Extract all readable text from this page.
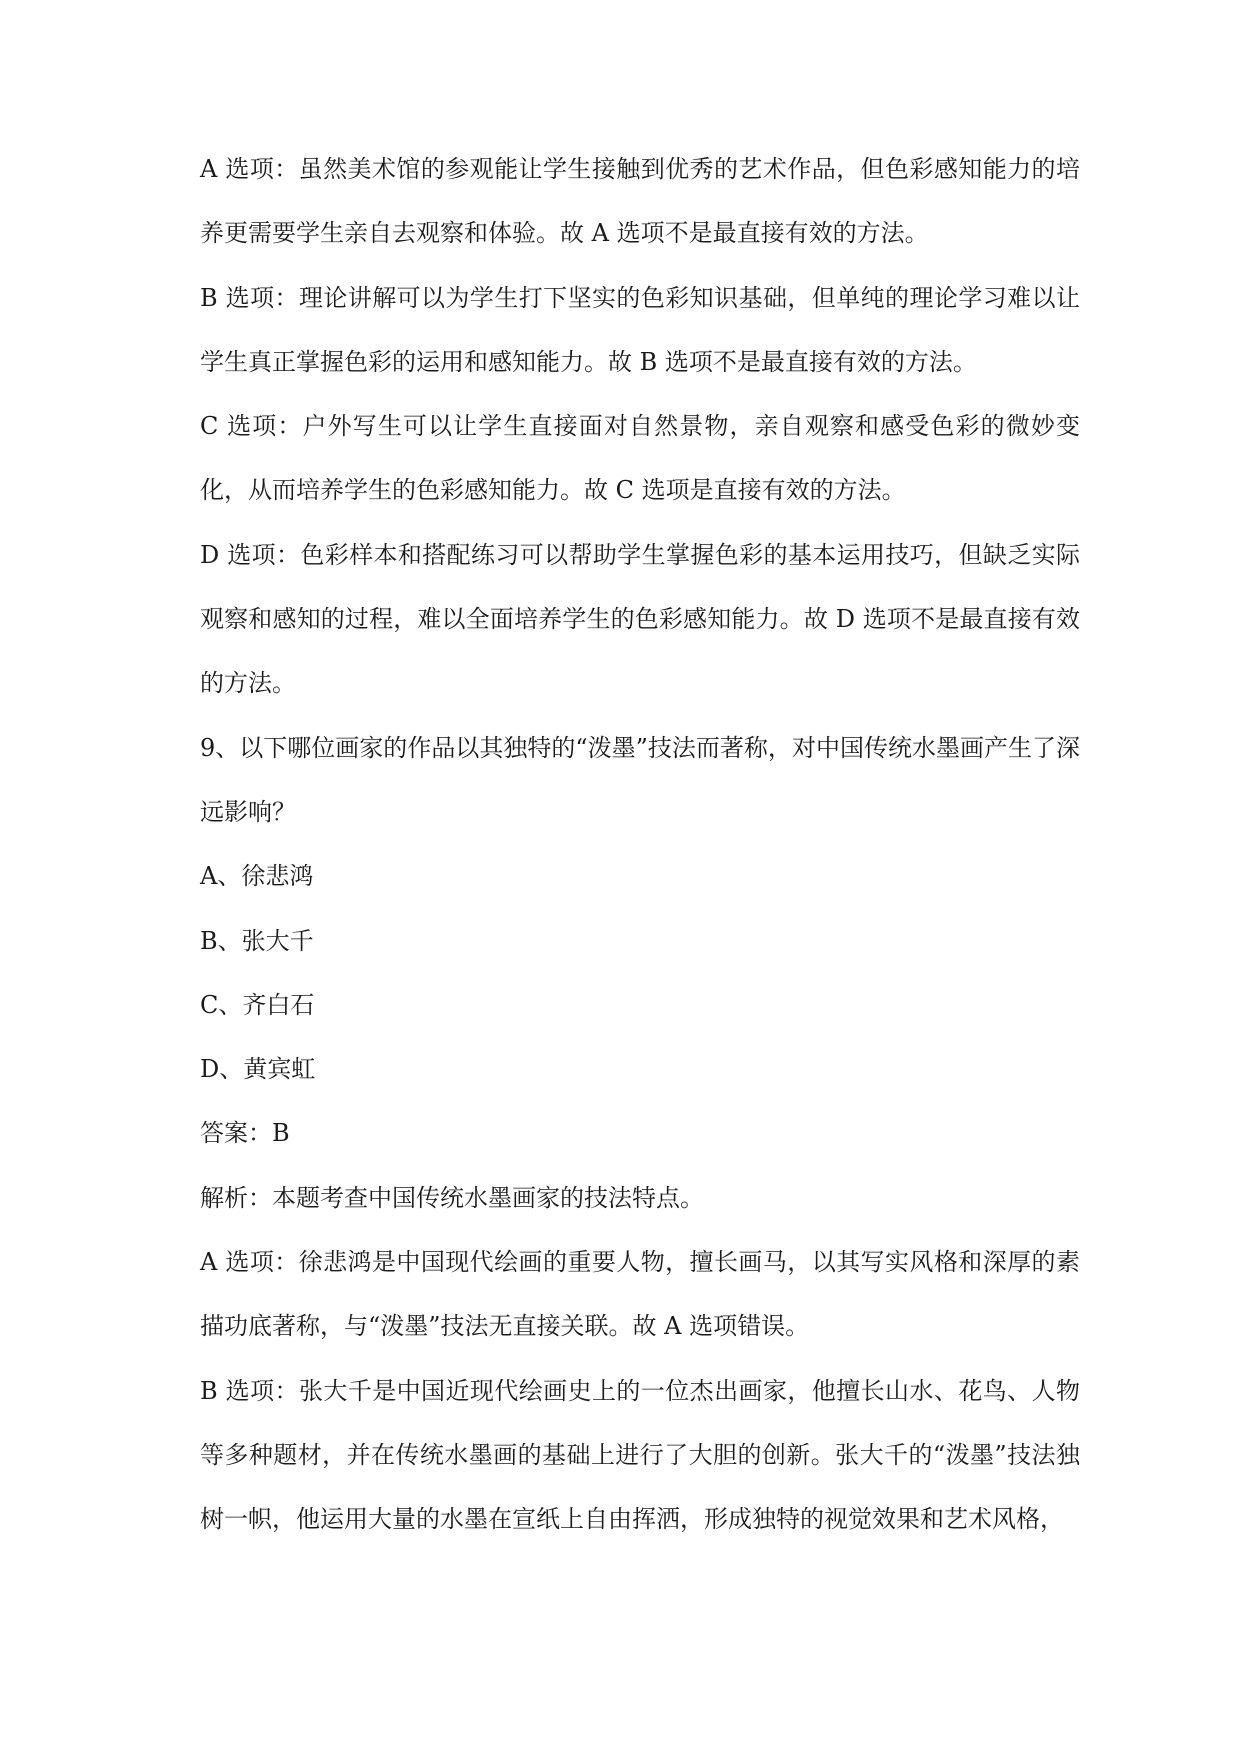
A 选项：虽然美术馆的参观能让学生接触到优秀的艺术作品，但色彩感知能力的培养更需要学生亲自去观察和体验。故 A 选项不是最直接有效的方法。

B 选项：理论讲解可以为学生打下坚实的色彩知识基础，但单纯的理论学习难以让学生真正掌握色彩的运用和感知能力。故 B 选项不是最直接有效的方法。

C 选项：户外写生可以让学生直接面对自然景物，亲自观察和感受色彩的微妙变化，从而培养学生的色彩感知能力。故 C 选项是直接有效的方法。

D 选项：色彩样本和搭配练习可以帮助学生掌握色彩的基本运用技巧，但缺乏实际观察和感知的过程，难以全面培养学生的色彩感知能力。故 D 选项不是最直接有效的方法。

9、以下哪位画家的作品以其独特的“泼墨”技法而著称，对中国传统水墨画产生了深远影响？

A、徐悲鸿

B、张大千

C、齐白石

D、黄宾虹

答案：B

解析：本题考查中国传统水墨画家的技法特点。

A 选项：徐悲鸿是中国现代绘画的重要人物，擅长画马，以其写实风格和深厚的素描功底著称，与“泼墨”技法无直接关联。故 A 选项错误。

B 选项：张大千是中国近现代绘画史上的一位杰出画家，他擅长山水、花鸟、人物等多种题材，并在传统水墨画的基础上进行了大胆的创新。张大千的“泼墨”技法独树一帜，他运用大量的水墨在宣纸上自由挥洒，形成独特的视觉效果和艺术风格，
